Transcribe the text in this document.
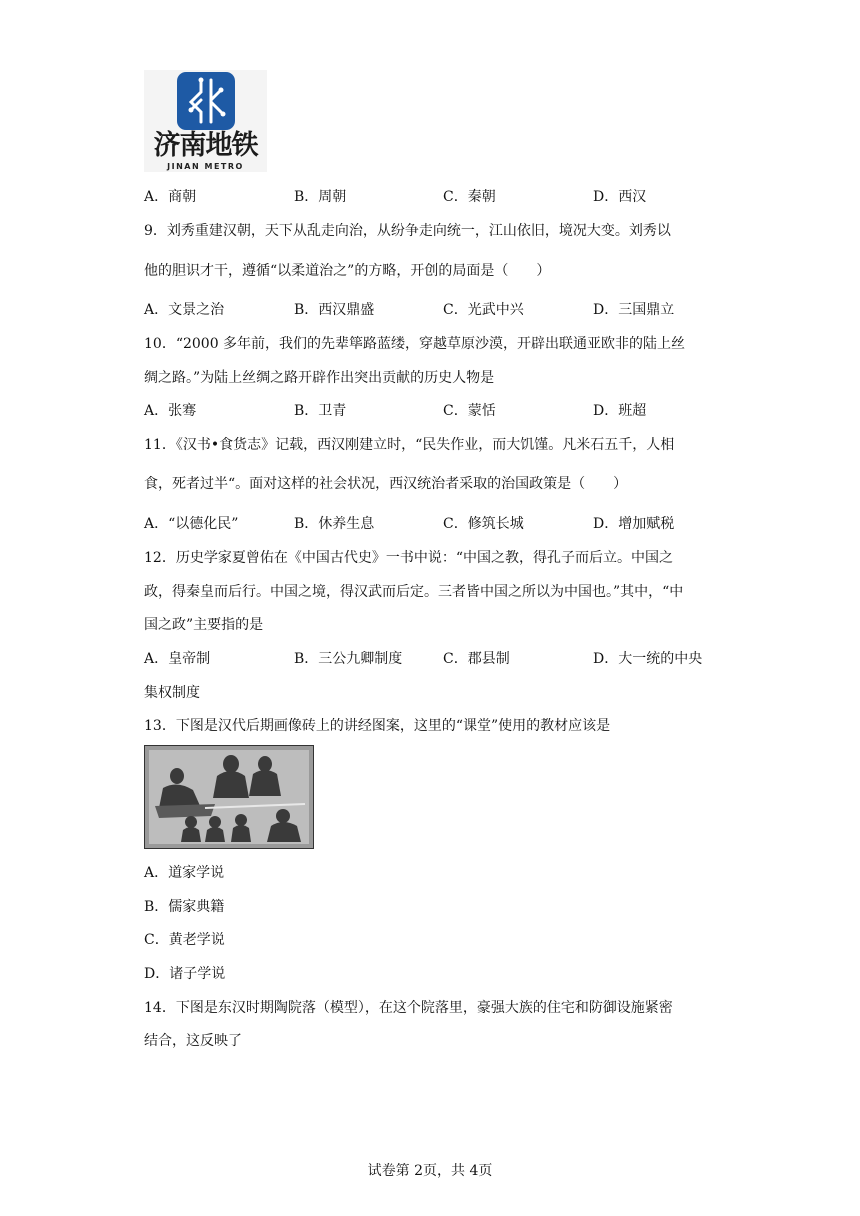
济南地铁
JINAN METRO
A．商朝	B．周朝	C．秦朝	D．西汉
9．刘秀重建汉朝，天下从乱走向治，从纷争走向统一，江山依旧，境况大变。刘秀以
他的胆识才干，遵循“以柔道治之”的方略，开创的局面是（　　）
A．文景之治	B．西汉鼎盛	C．光武中兴	D．三国鼎立
10．“2000 多年前，我们的先辈筚路蓝缕，穿越草原沙漠，开辟出联通亚欧非的陆上丝
绸之路。”为陆上丝绸之路开辟作出突出贡献的历史人物是
A．张骞	B．卫青	C．蒙恬	D．班超
11．《汉书•食货志》记载，西汉刚建立时，“民失作业，而大饥馑。凡米石五千，人相
食，死者过半“。面对这样的社会状况，西汉统治者采取的治国政策是（　　）
A．“以德化民”	B．休养生息	C．修筑长城	D．增加赋税
12．历史学家夏曾佑在《中国古代史》一书中说：“中国之教，得孔子而后立。中国之
政，得秦皇而后行。中国之境，得汉武而后定。三者皆中国之所以为中国也。”其中，“中
国之政”主要指的是
A．皇帝制	B．三公九卿制度	C．郡县制	D．大一统的中央
集权制度
13．下图是汉代后期画像砖上的讲经图案，这里的“课堂”使用的教材应该是
A．道家学说
B．儒家典籍
C．黄老学说
D．诸子学说
14．下图是东汉时期陶院落（模型），在这个院落里，豪强大族的住宅和防御设施紧密
结合，这反映了
试卷第 2页，共 4页
